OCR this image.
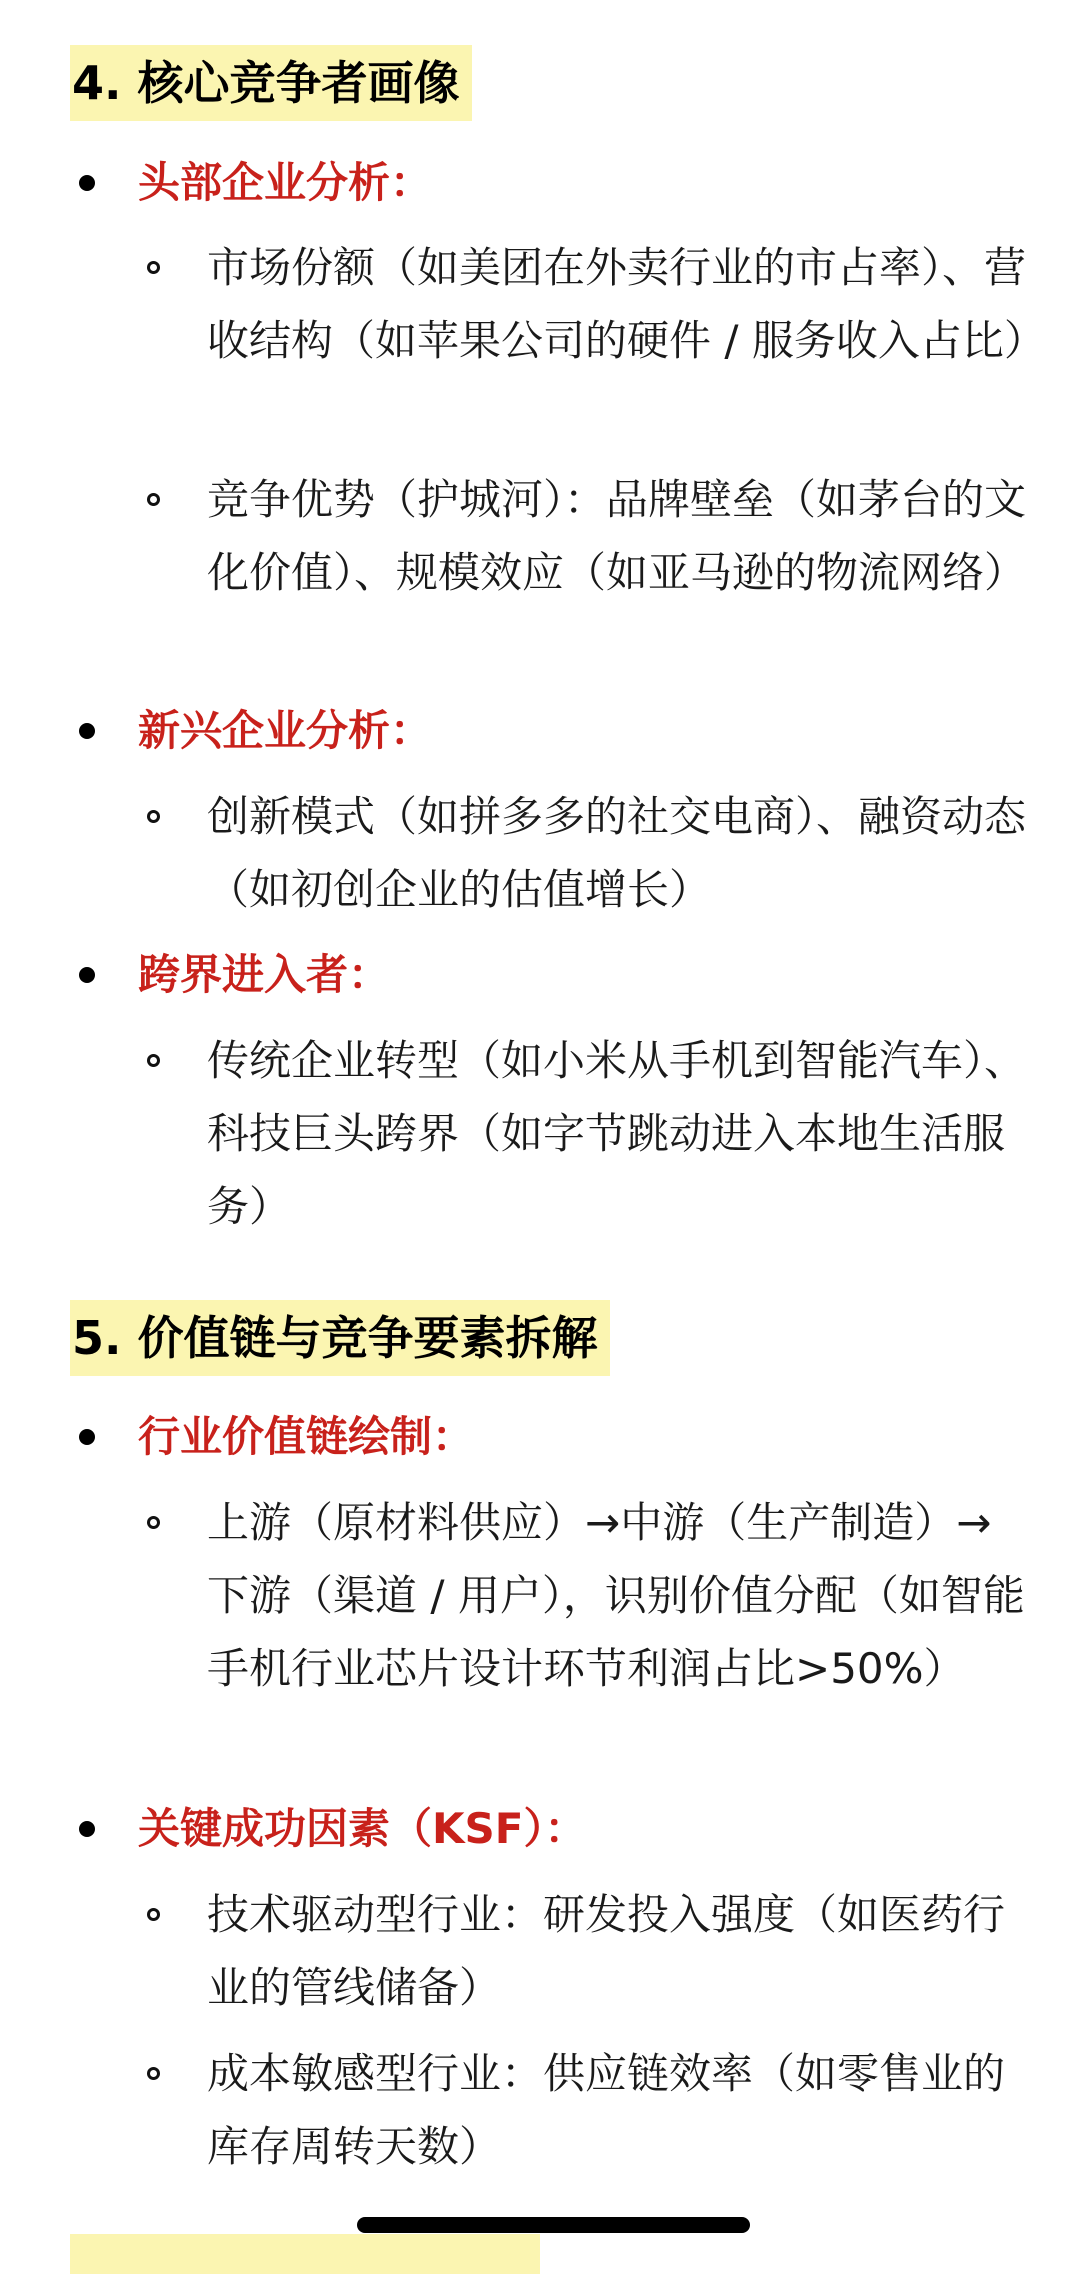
4. 核心竞争者画像
头部企业分析：
市场份额（如美团在外卖行业的市占率）、营收结构（如苹果公司的硬件 / 服务收入占比）
竞争优势（护城河）：品牌壁垒（如茅台的文化价值）、规模效应（如亚马逊的物流网络）
新兴企业分析：
创新模式（如拼多多的社交电商）、融资动态（如初创企业的估值增长）
跨界进入者：
传统企业转型（如小米从手机到智能汽车）、科技巨头跨界（如字节跳动进入本地生活服务）
5. 价值链与竞争要素拆解
行业价值链绘制：
上游（原材料供应）→中游（生产制造）→下游（渠道 / 用户），识别价值分配（如智能手机行业芯片设计环节利润占比>50%）
关键成功因素（KSF）：
技术驱动型行业：研发投入强度（如医药行业的管线储备）
成本敏感型行业：供应链效率（如零售业的库存周转天数）
